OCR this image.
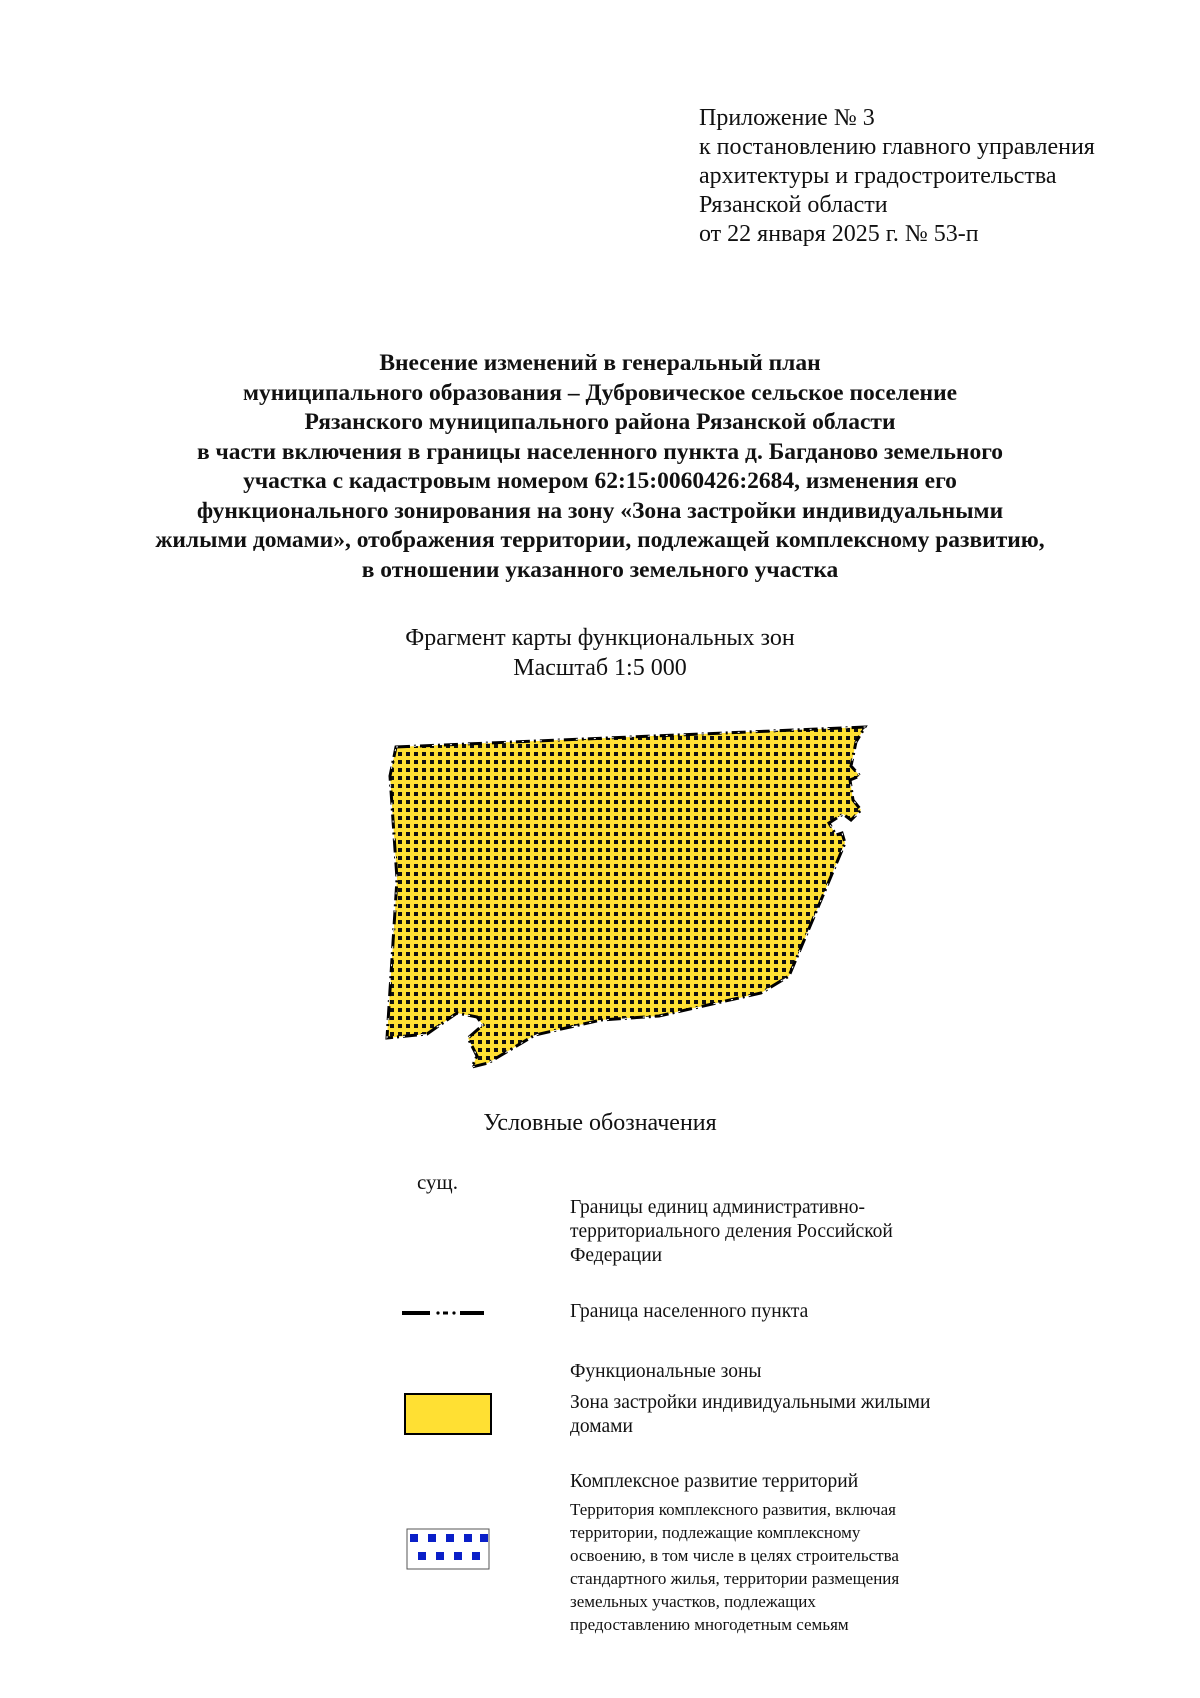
Приложение № 3
к постановлению главного управления
архитектуры и градостроительства
Рязанской области
от 22 января 2025 г. № 53-п
Внесение изменений в генеральный план
муниципального образования – Дубровическое сельское поселение
Рязанского муниципального района Рязанской области
в части включения в границы населенного пункта д. Багданово земельного
участка с кадастровым номером 62:15:0060426:2684, изменения его
функционального зонирования на зону «Зона застройки индивидуальными
жилыми домами», отображения территории, подлежащей комплексному развитию,
в отношении указанного земельного участка
Фрагмент карты функциональных зон
Масштаб 1:5 000
Условные обозначения
сущ.
Границы единиц административно-
территориального деления Российской
Федерации
Граница населенного пункта
Функциональные зоны
Зона застройки индивидуальными жилыми
домами
Комплексное развитие территорий
Территория комплексного развития, включая
территории, подлежащие комплексному
освоению, в том числе в целях строительства
стандартного жилья, территории размещения
земельных участков, подлежащих
предоставлению многодетным семьям
